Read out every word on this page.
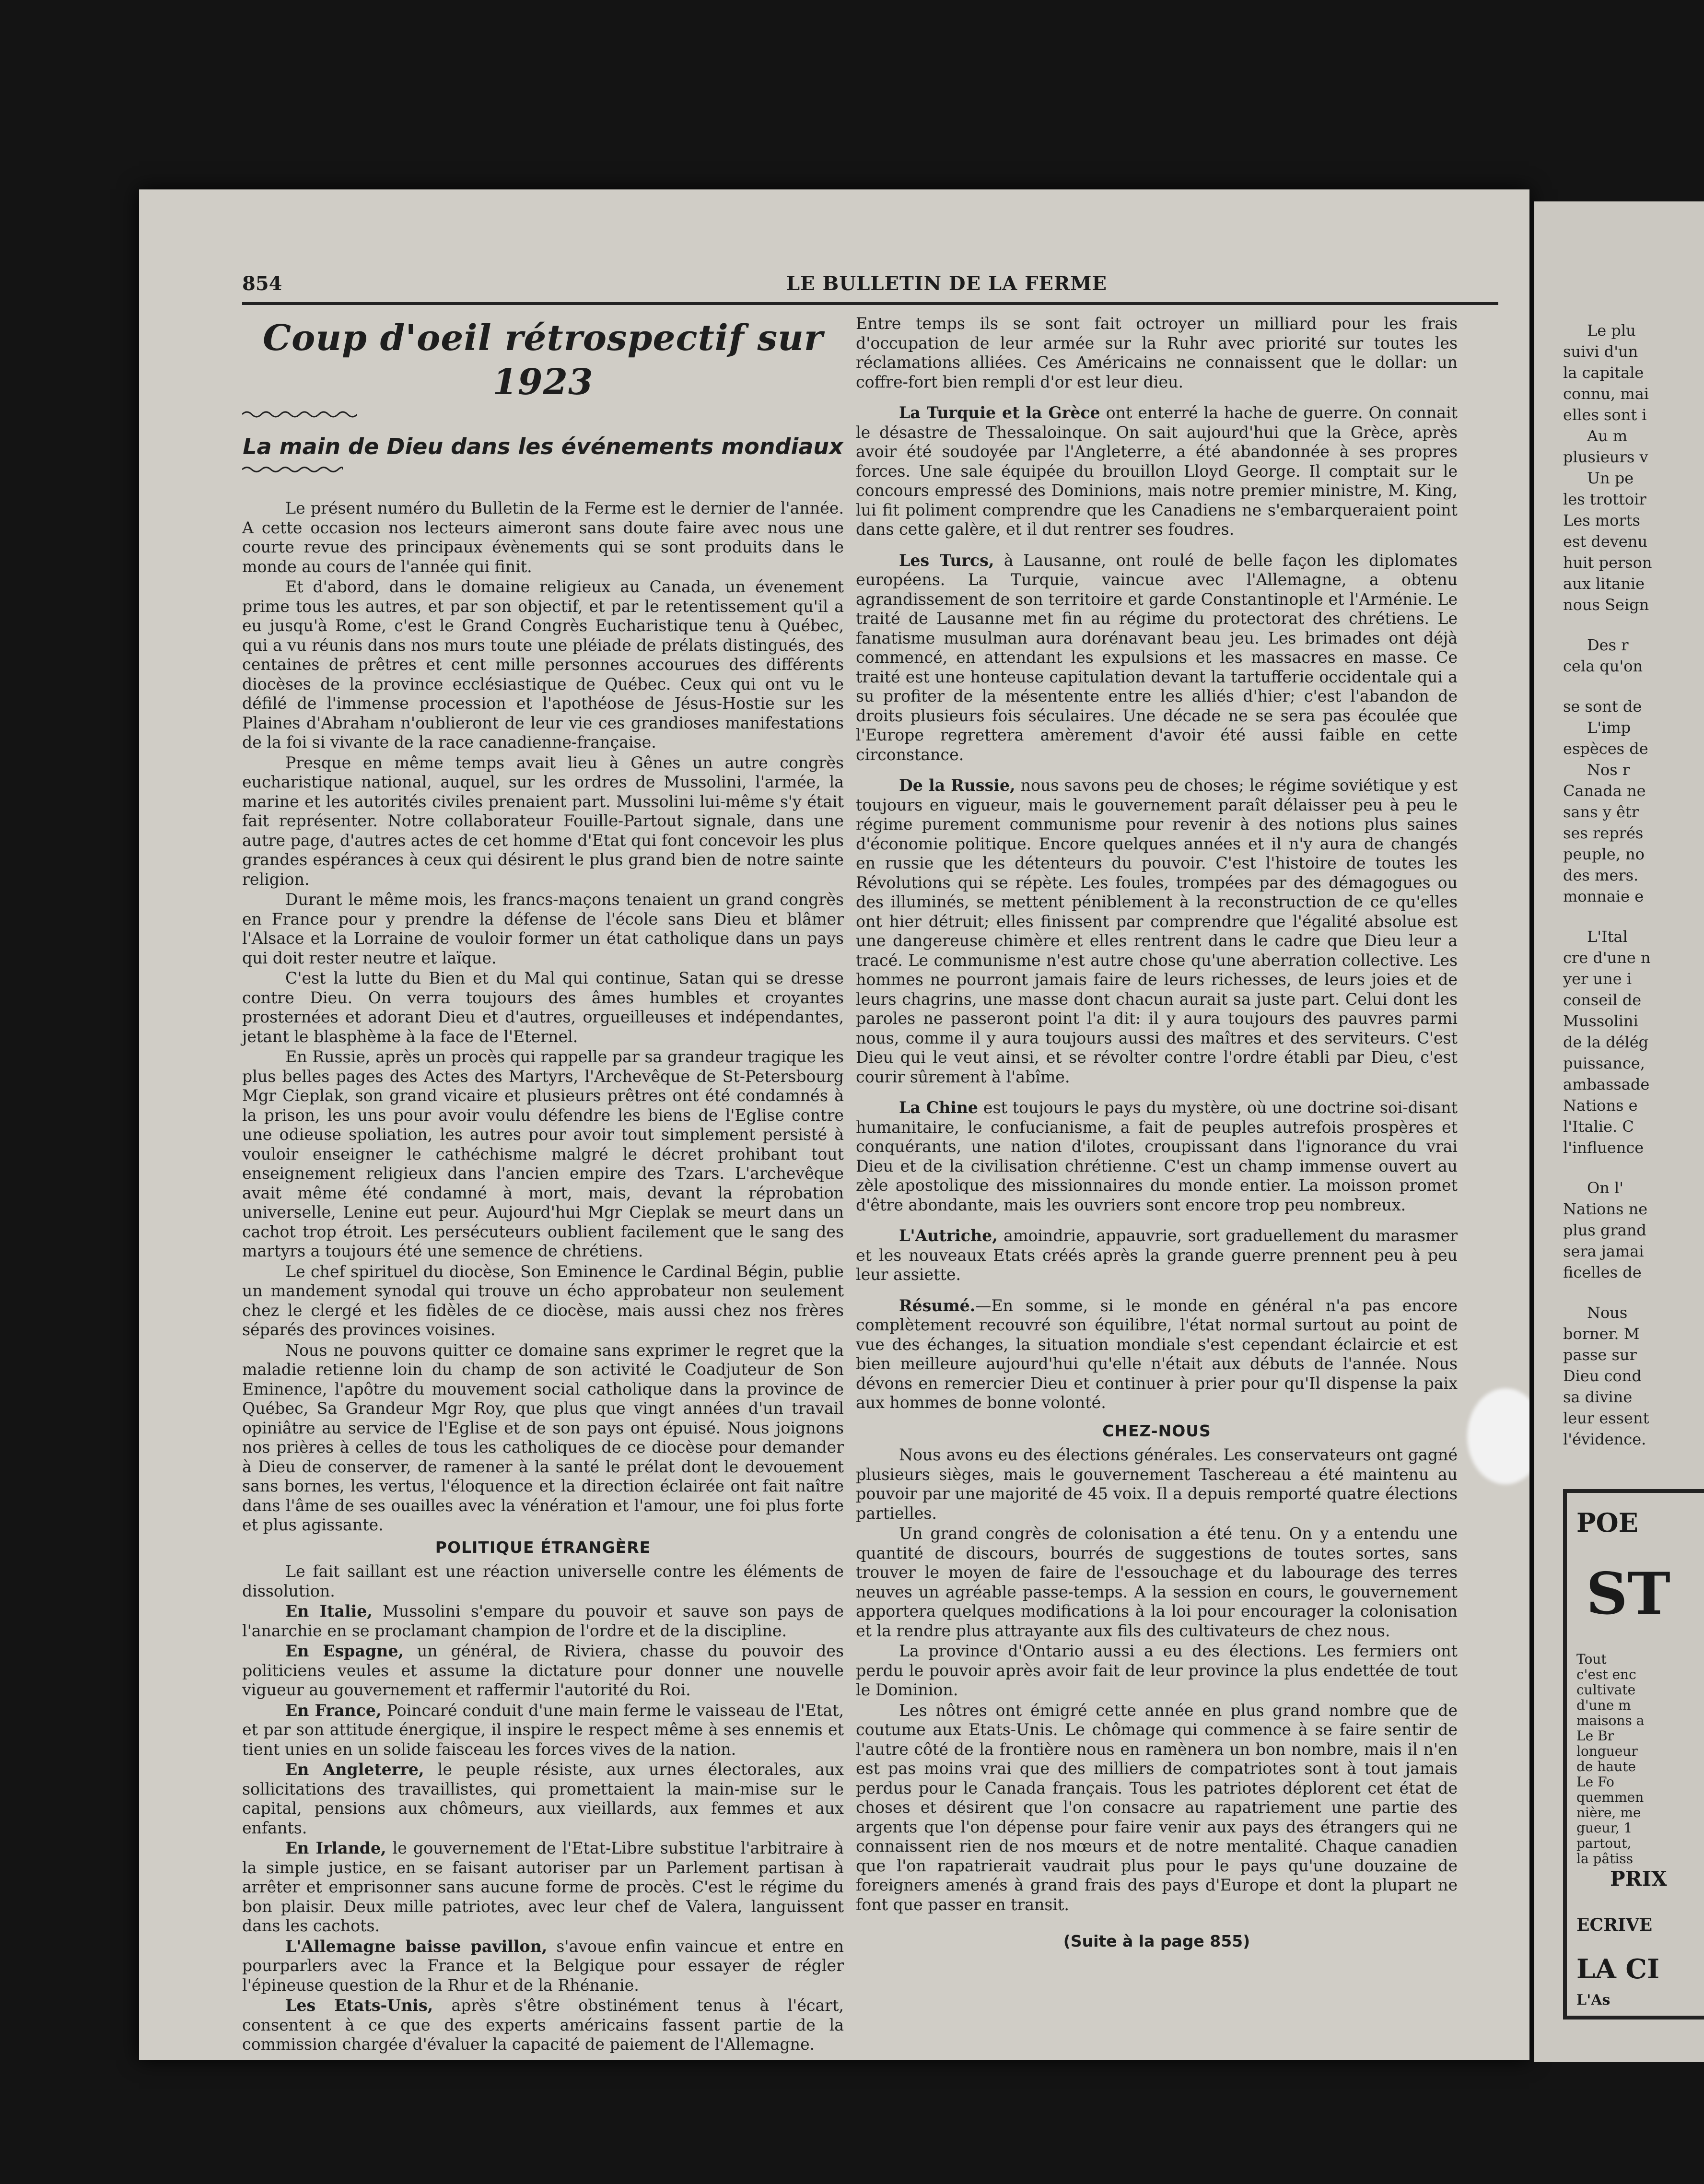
854	LE BULLETIN DE LA FERME
Coup d'oeil rétrospectif sur 1923
La main de Dieu dans les événements mondiaux

Le présent numéro du Bulletin de la Ferme est le dernier de l'année. A cette occasion nos lecteurs aimeront sans doute faire avec nous une courte revue des principaux évènements qui se sont produits dans le monde au cours de l'année qui finit.

Et d'abord, dans le domaine religieux au Canada, un évenement prime tous les autres, et par son objectif, et par le retentissement qu'il a eu jusqu'à Rome, c'est le Grand Congrès Eucharistique tenu à Québec, qui a vu réunis dans nos murs toute une pléiade de prélats distingués, des centaines de prêtres et cent mille personnes accourues des différents diocèses de la province ecclésiastique de Québec. Ceux qui ont vu le défilé de l'immense procession et l'apothéose de Jésus-Hostie sur les Plaines d'Abraham n'oublieront de leur vie ces grandioses manifestations de la foi si vivante de la race canadienne-française.

Presque en même temps avait lieu à Gênes un autre congrès eucharistique national, auquel, sur les ordres de Mussolini, l'armée, la marine et les autorités civiles prenaient part. Mussolini lui-même s'y était fait représenter. Notre collaborateur Fouille-Partout signale, dans une autre page, d'autres actes de cet homme d'Etat qui font concevoir les plus grandes espérances à ceux qui désirent le plus grand bien de notre sainte religion.

Durant le même mois, les francs-maçons tenaient un grand congrès en France pour y prendre la défense de l'école sans Dieu et blâmer l'Alsace et la Lorraine de vouloir former un état catholique dans un pays qui doit rester neutre et laïque.

C'est la lutte du Bien et du Mal qui continue, Satan qui se dresse contre Dieu. On verra toujours des âmes humbles et croyantes prosternées et adorant Dieu et d'autres, orgueilleuses et indépendantes, jetant le blasphème à la face de l'Eternel.

En Russie, après un procès qui rappelle par sa grandeur tragique les plus belles pages des Actes des Martyrs, l'Archevêque de St-Petersbourg Mgr Cieplak, son grand vicaire et plusieurs prêtres ont été condamnés à la prison, les uns pour avoir voulu défendre les biens de l'Eglise contre une odieuse spoliation, les autres pour avoir tout simplement persisté à vouloir enseigner le cathéchisme malgré le décret prohibant tout enseignement religieux dans l'ancien empire des Tzars. L'archevêque avait même été condamné à mort, mais, devant la réprobation universelle, Lenine eut peur. Aujourd'hui Mgr Cieplak se meurt dans un cachot trop étroit. Les persécuteurs oublient facilement que le sang des martyrs a toujours été une semence de chrétiens.

Le chef spirituel du diocèse, Son Eminence le Cardinal Bégin, publie un mandement synodal qui trouve un écho approbateur non seulement chez le clergé et les fidèles de ce diocèse, mais aussi chez nos frères séparés des provinces voisines.

Nous ne pouvons quitter ce domaine sans exprimer le regret que la maladie retienne loin du champ de son activité le Coadjuteur de Son Eminence, l'apôtre du mouvement social catholique dans la province de Québec, Sa Grandeur Mgr Roy, que plus que vingt années d'un travail opiniâtre au service de l'Eglise et de son pays ont épuisé. Nous joignons nos prières à celles de tous les catholiques de ce diocèse pour demander à Dieu de conserver, de ramener à la santé le prélat dont le devouement sans bornes, les vertus, l'éloquence et la direction éclairée ont fait naître dans l'âme de ses ouailles avec la vénération et l'amour, une foi plus forte et plus agissante.

POLITIQUE ÉTRANGÈRE

Le fait saillant est une réaction universelle contre les éléments de dissolution.

En Italie, Mussolini s'empare du pouvoir et sauve son pays de l'anarchie en se proclamant champion de l'ordre et de la discipline.

En Espagne, un général, de Riviera, chasse du pouvoir des politiciens veules et assume la dictature pour donner une nouvelle vigueur au gouvernement et raffermir l'autorité du Roi.

En France, Poincaré conduit d'une main ferme le vaisseau de l'Etat, et par son attitude énergique, il inspire le respect même à ses ennemis et tient unies en un solide faisceau les forces vives de la nation.

En Angleterre, le peuple résiste, aux urnes électorales, aux sollicitations des travaillistes, qui promettaient la main-mise sur le capital, pensions aux chômeurs, aux vieillards, aux femmes et aux enfants.

En Irlande, le gouvernement de l'Etat-Libre substitue l'arbitraire à la simple justice, en se faisant autoriser par un Parlement partisan à arrêter et emprisonner sans aucune forme de procès. C'est le régime du bon plaisir. Deux mille patriotes, avec leur chef de Valera, languissent dans les cachots.

L'Allemagne baisse pavillon, s'avoue enfin vaincue et entre en pourparlers avec la France et la Belgique pour essayer de régler l'épineuse question de la Rhur et de la Rhénanie.

Les Etats-Unis, après s'être obstinément tenus à l'écart, consentent à ce que des experts américains fassent partie de la commission chargée d'évaluer la capacité de paiement de l'Allemagne.

Entre temps ils se sont fait octroyer un milliard pour les frais d'occupation de leur armée sur la Ruhr avec priorité sur toutes les réclamations alliées. Ces Américains ne connaissent que le dollar: un coffre-fort bien rempli d'or est leur dieu.

La Turquie et la Grèce ont enterré la hache de guerre. On connait le désastre de Thessaloinque. On sait aujourd'hui que la Grèce, après avoir été soudoyée par l'Angleterre, a été abandonnée à ses propres forces. Une sale équipée du brouillon Lloyd George. Il comptait sur le concours empressé des Dominions, mais notre premier ministre, M. King, lui fit poliment comprendre que les Canadiens ne s'embarqueraient point dans cette galère, et il dut rentrer ses foudres.

Les Turcs, à Lausanne, ont roulé de belle façon les diplomates européens. La Turquie, vaincue avec l'Allemagne, a obtenu agrandissement de son territoire et garde Constantinople et l'Arménie. Le traité de Lausanne met fin au régime du protectorat des chrétiens. Le fanatisme musulman aura dorénavant beau jeu. Les brimades ont déjà commencé, en attendant les expulsions et les massacres en masse. Ce traité est une honteuse capitulation devant la tartufferie occidentale qui a su profiter de la mésentente entre les alliés d'hier; c'est l'abandon de droits plusieurs fois séculaires. Une décade ne se sera pas écoulée que l'Europe regrettera amèrement d'avoir été aussi faible en cette circonstance.

De la Russie, nous savons peu de choses; le régime soviétique y est toujours en vigueur, mais le gouvernement paraît délaisser peu à peu le régime purement communisme pour revenir à des notions plus saines d'économie politique. Encore quelques années et il n'y aura de changés en russie que les détenteurs du pouvoir. C'est l'histoire de toutes les Révolutions qui se répète. Les foules, trompées par des démagogues ou des illuminés, se mettent péniblement à la reconstruction de ce qu'elles ont hier détruit; elles finissent par comprendre que l'égalité absolue est une dangereuse chimère et elles rentrent dans le cadre que Dieu leur a tracé. Le communisme n'est autre chose qu'une aberration collective. Les hommes ne pourront jamais faire de leurs richesses, de leurs joies et de leurs chagrins, une masse dont chacun aurait sa juste part. Celui dont les paroles ne passeront point l'a dit: il y aura toujours des pauvres parmi nous, comme il y aura toujours aussi des maîtres et des serviteurs. C'est Dieu qui le veut ainsi, et se révolter contre l'ordre établi par Dieu, c'est courir sûrement à l'abîme.

La Chine est toujours le pays du mystère, où une doctrine soi-disant humanitaire, le confucianisme, a fait de peuples autrefois prospères et conquérants, une nation d'ilotes, croupissant dans l'ignorance du vrai Dieu et de la civilisation chrétienne. C'est un champ immense ouvert au zèle apostolique des missionnaires du monde entier. La moisson promet d'être abondante, mais les ouvriers sont encore trop peu nombreux.

L'Autriche, amoindrie, appauvrie, sort graduellement du marasmer et les nouveaux Etats créés après la grande guerre prennent peu à peu leur assiette.

Résumé.—En somme, si le monde en général n'a pas encore complètement recouvré son équilibre, l'état normal surtout au point de vue des échanges, la situation mondiale s'est cependant éclaircie et est bien meilleure aujourd'hui qu'elle n'était aux débuts de l'année. Nous dévons en remercier Dieu et continuer à prier pour qu'Il dispense la paix aux hommes de bonne volonté.

CHEZ-NOUS

Nous avons eu des élections générales. Les conservateurs ont gagné plusieurs sièges, mais le gouvernement Taschereau a été maintenu au pouvoir par une majorité de 45 voix. Il a depuis remporté quatre élections partielles.

Un grand congrès de colonisation a été tenu. On y a entendu une quantité de discours, bourrés de suggestions de toutes sortes, sans trouver le moyen de faire de l'essouchage et du labourage des terres neuves un agréable passe-temps. A la session en cours, le gouvernement apportera quelques modifications à la loi pour encourager la colonisation et la rendre plus attrayante aux fils des cultivateurs de chez nous.

La province d'Ontario aussi a eu des élections. Les fermiers ont perdu le pouvoir après avoir fait de leur province la plus endettée de tout le Dominion.

Les nôtres ont émigré cette année en plus grand nombre que de coutume aux Etats-Unis. Le chômage qui commence à se faire sentir de l'autre côté de la frontière nous en ramènera un bon nombre, mais il n'en est pas moins vrai que des milliers de compatriotes sont à tout jamais perdus pour le Canada français. Tous les patriotes déplorent cet état de choses et désirent que l'on consacre au rapatriement une partie des argents que l'on dépense pour faire venir aux pays des étrangers qui ne connaissent rien de nos mœurs et de notre mentalité. Chaque canadien que l'on rapatrierait vaudrait plus pour le pays qu'une douzaine de foreigners amenés à grand frais des pays d'Europe et dont la plupart ne font que passer en transit.

(Suite à la page 855)
Le plu
suivi d'un
la capitale
connu, mai
elles sont i
Au m
plusieurs v
Un pe
les trottoir
Les morts
est devenu
huit person
aux litanie
nous Seign
Des r
cela qu'on
se sont de
L'imp
espèces de
Nos r
Canada ne
sans y êtr
ses représ
peuple, no
des mers.
monnaie e
L'Ital
cre d'une n
yer une i
conseil de
Mussolini
de la délég
puissance,
ambassade
Nations e
l'Italie. C
l'influence
On l'
Nations ne
plus grand
sera jamai
ficelles de
Nous
borner. M
passe sur
Dieu cond
sa divine
leur essent
l'évidence.
POE
ST
Tout
c'est enc
cultivate
d'une m
maisons a
Le Br
longueur
de haute
Le Fo
quemmen
nière, me
gueur, 1
partout,
la pâtiss
PRIX
ECRIVE
LA CI
L'As
